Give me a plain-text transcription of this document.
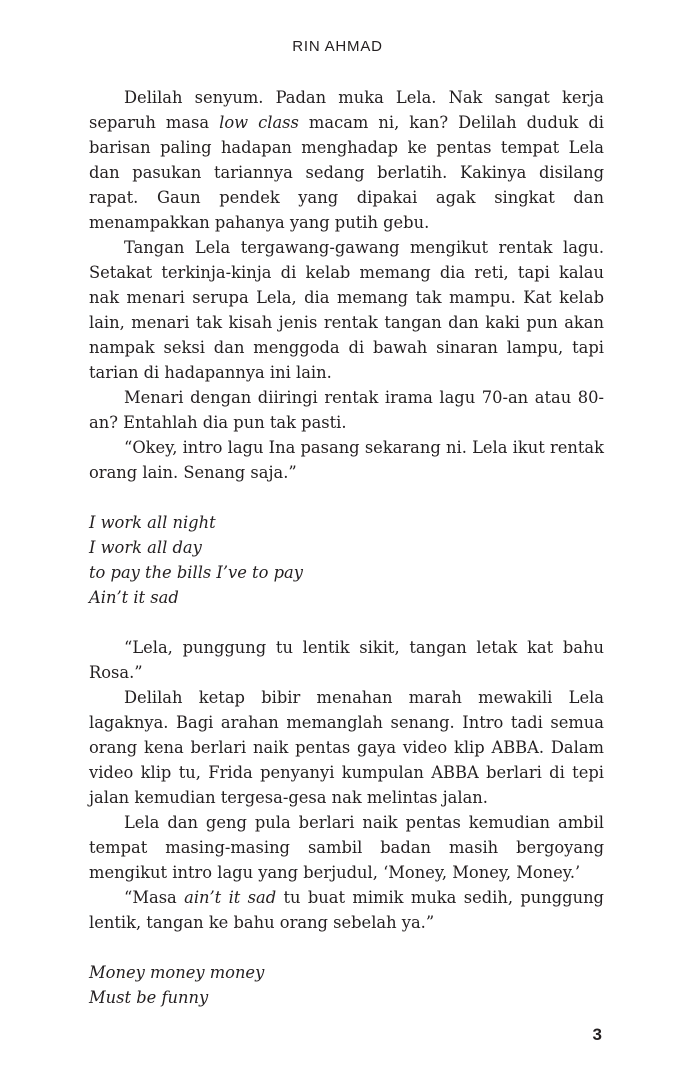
RIN AHMAD

Delilah senyum. Padan muka Lela. Nak sangat kerja separuh masa low class macam ni, kan? Delilah duduk di barisan paling hadapan menghadap ke pentas tempat Lela dan pasukan tariannya sedang berlatih. Kakinya disilang rapat. Gaun pendek yang dipakai agak singkat dan menampakkan pahanya yang putih gebu.

Tangan Lela tergawang-gawang mengikut rentak lagu. Setakat terkinja-kinja di kelab memang dia reti, tapi kalau nak menari serupa Lela, dia memang tak mampu. Kat kelab lain, menari tak kisah jenis rentak tangan dan kaki pun akan nampak seksi dan menggoda di bawah sinaran lampu, tapi tarian di hadapannya ini lain.

Menari dengan diiringi rentak irama lagu 70-an atau 80-an? Entahlah dia pun tak pasti.

“Okey, intro lagu Ina pasang sekarang ni. Lela ikut rentak orang lain. Senang saja.”

I work all night
I work all day
to pay the bills I’ve to pay
Ain’t it sad

“Lela, punggung tu lentik sikit, tangan letak kat bahu Rosa.”

Delilah ketap bibir menahan marah mewakili Lela lagaknya. Bagi arahan memanglah senang. Intro tadi semua orang kena berlari naik pentas gaya video klip ABBA. Dalam video klip tu, Frida penyanyi kumpulan ABBA berlari di tepi jalan kemudian tergesa-gesa nak melintas jalan.

Lela dan geng pula berlari naik pentas kemudian ambil tempat masing-masing sambil badan masih bergoyang mengikut intro lagu yang berjudul, ‘Money, Money, Money.’

“Masa ain’t it sad tu buat mimik muka sedih, punggung lentik, tangan ke bahu orang sebelah ya.”

Money money money
Must be funny

3
